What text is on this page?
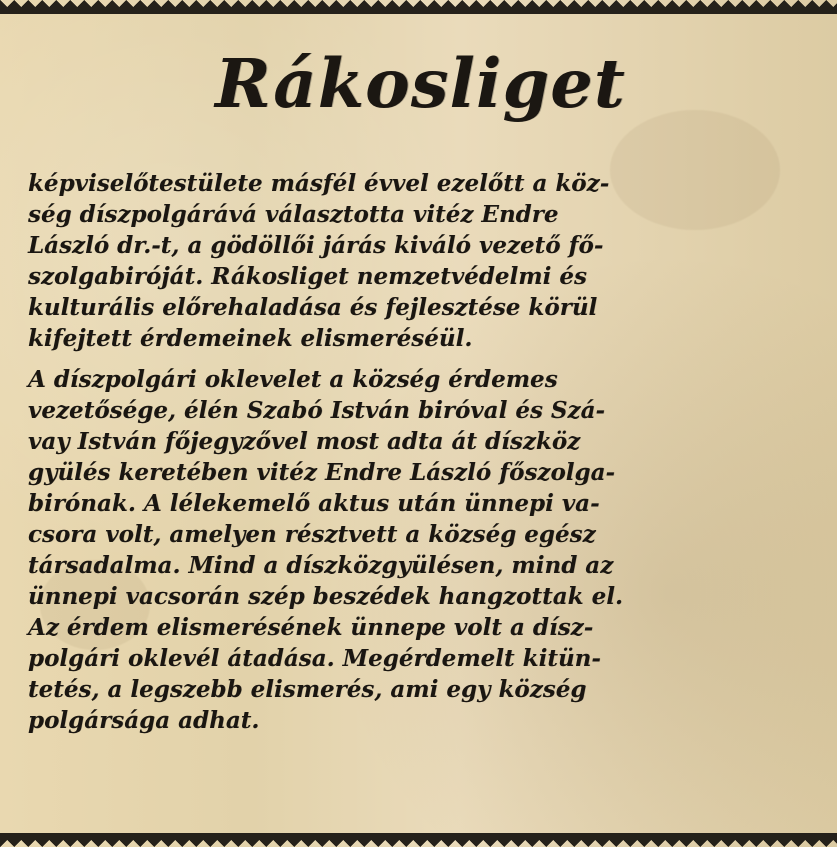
Rákosliget

képviselőtestülete másfél évvel ezelőtt a köz-
ség díszpolgárává választotta vitéz Endre
László dr.-t, a gödöllői járás kiváló vezető fő-
szolgabiróját. Rákosliget nemzetvédelmi és
kulturális előrehaladása és fejlesztése körül
kifejtett érdemeinek elismeréséül.

A díszpolgári oklevelet a község érdemes
vezetősége, élén Szabó István biróval és Szá-
vay István főjegyzővel most adta át díszköz
gyülés keretében vitéz Endre László főszolga-
birónak. A lélekemelő aktus után ünnepi va-
csora volt, amelyen résztvett a község egész
társadalma. Mind a díszközgyülésen, mind az
ünnepi vacsorán szép beszédek hangzottak el.
Az érdem elismerésének ünnepe volt a dísz-
polgári oklevél átadása. Megérdemelt kitün-
tetés, a legszebb elismerés, ami egy község
polgársága adhat.
